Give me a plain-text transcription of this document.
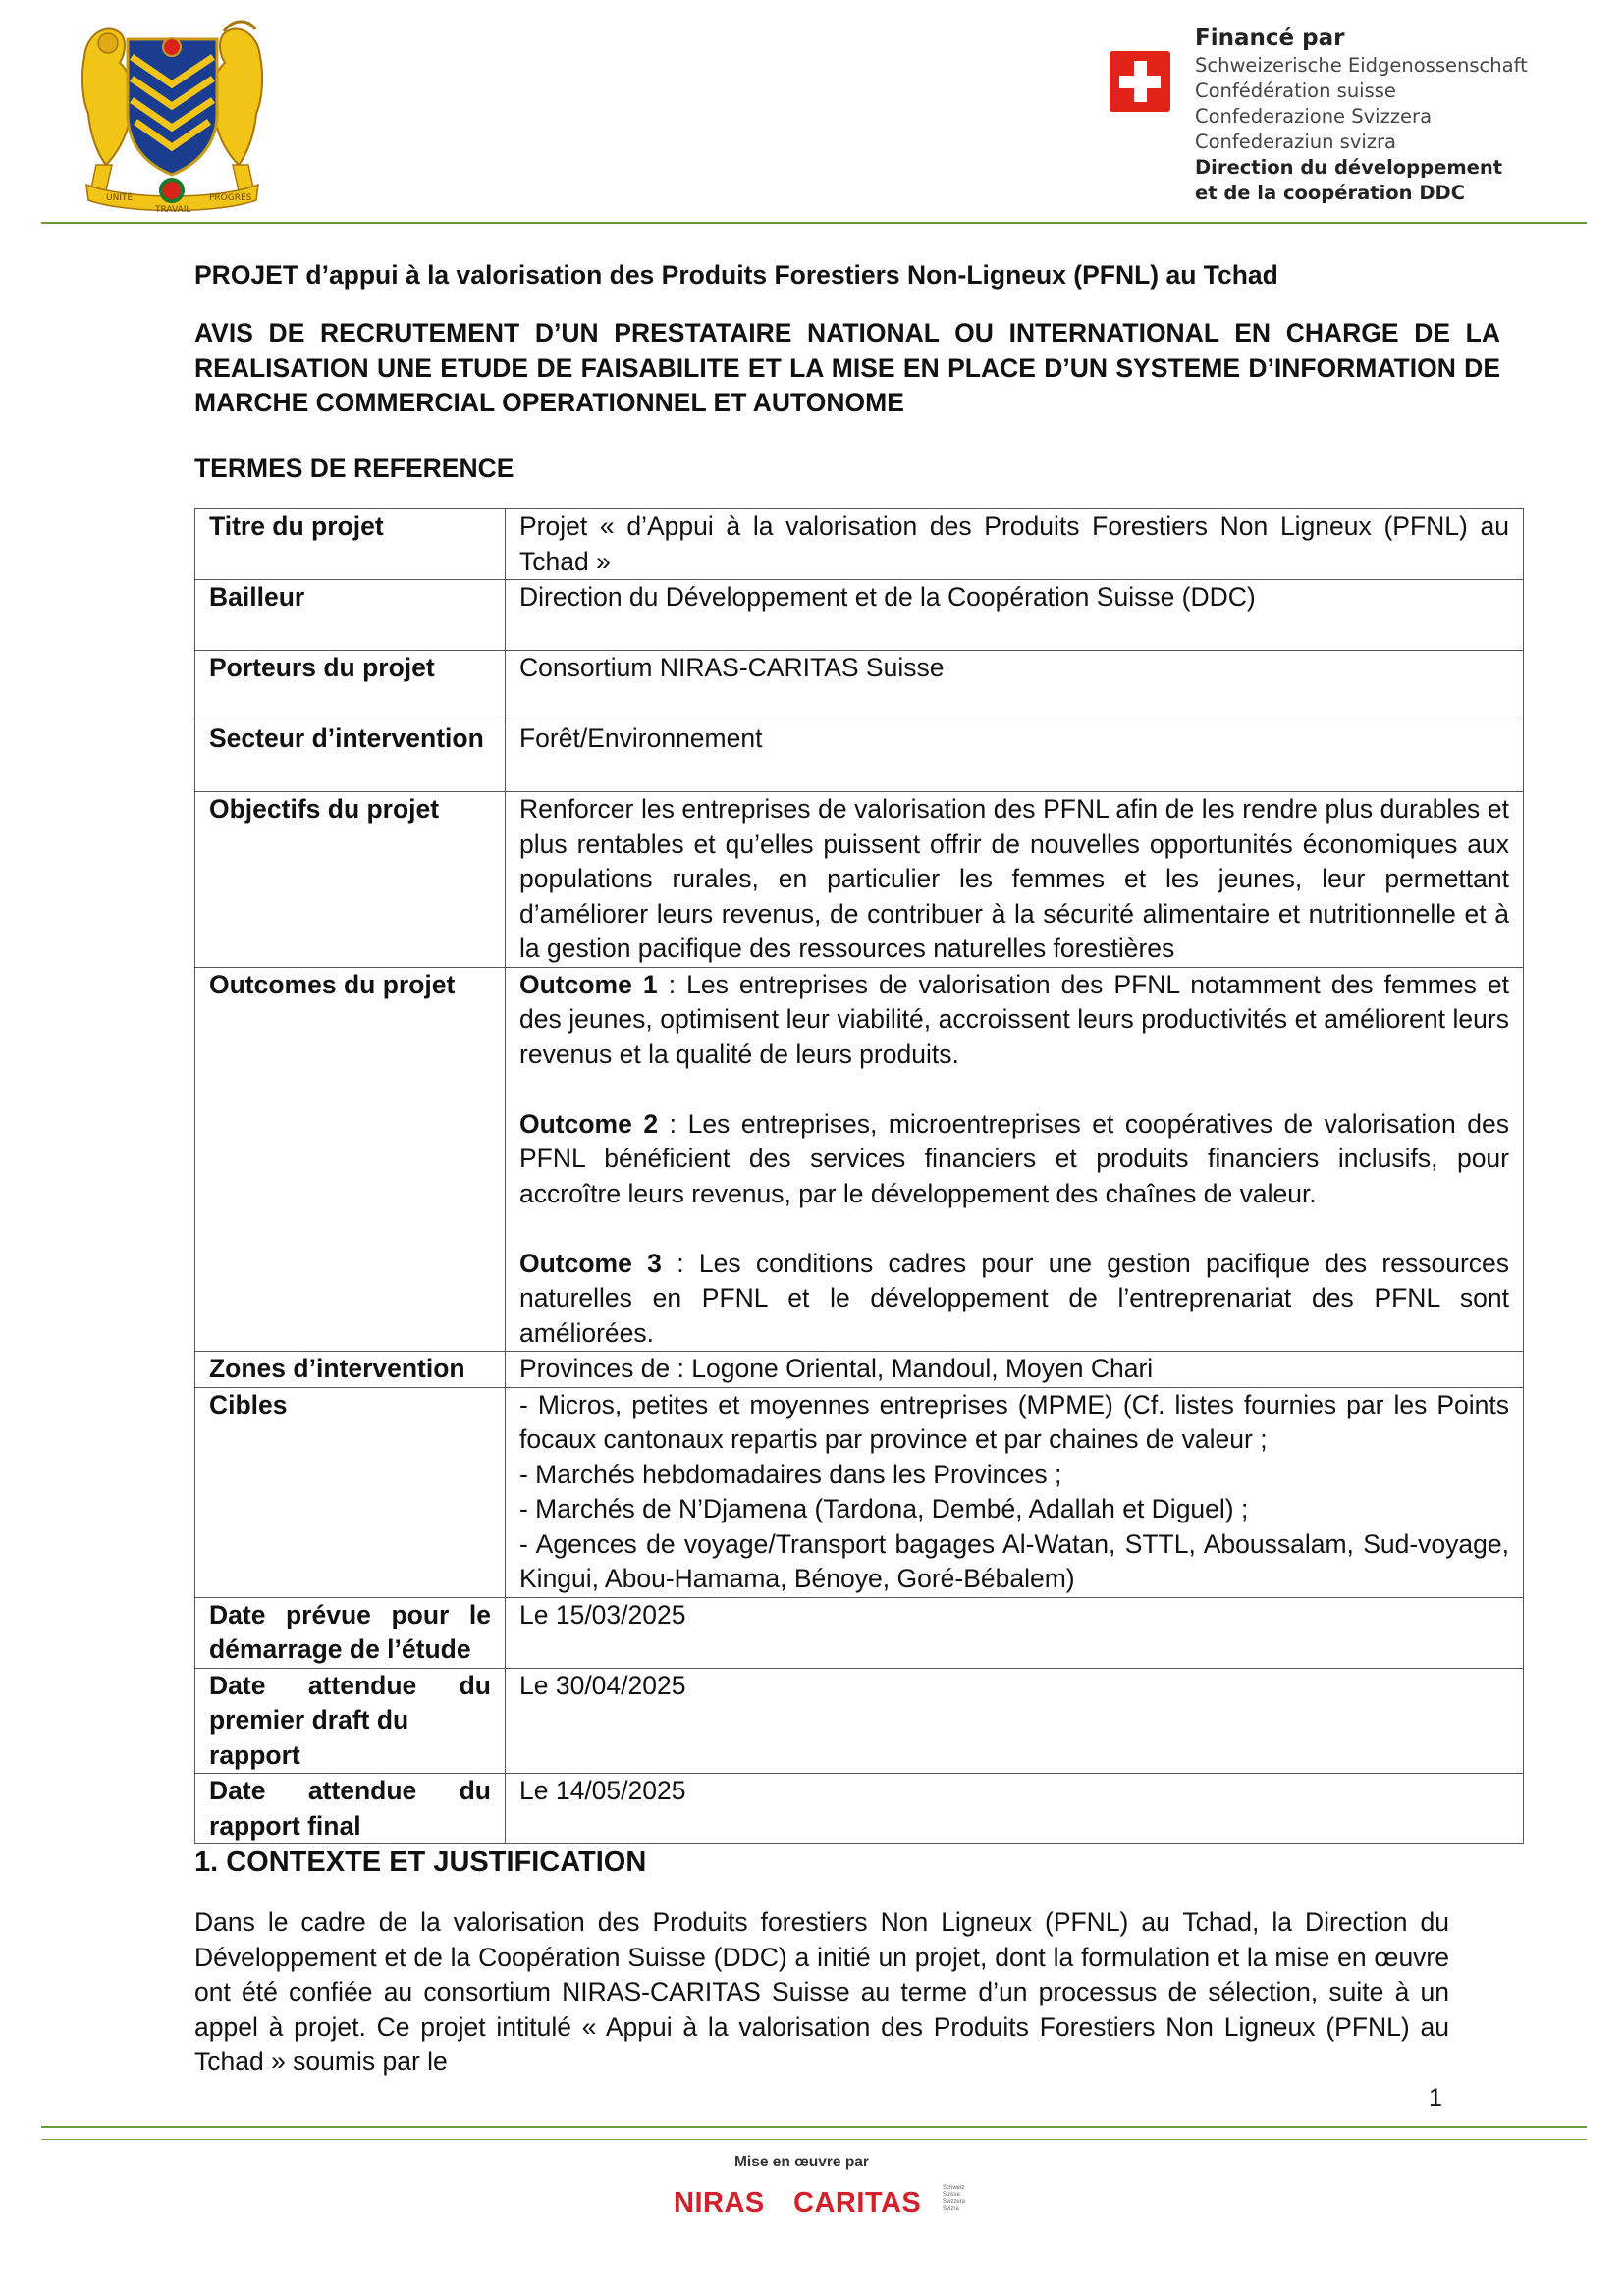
UNITÉ
TRAVAIL
PROGRÈS
Financé par
Schweizerische Eidgenossenschaft
Confédération suisse
Confederazione Svizzera
Confederaziun svizra
Direction du développement
et de la coopération DDC
PROJET d’appui à la valorisation des Produits Forestiers Non-Ligneux (PFNL) au Tchad
AVIS DE RECRUTEMENT D’UN PRESTATAIRE NATIONAL OU INTERNATIONAL EN CHARGE DE LA
REALISATION UNE ETUDE DE FAISABILITE ET LA MISE EN PLACE D’UN SYSTEME D’INFORMATION DE
MARCHE COMMERCIAL OPERATIONNEL ET AUTONOME
TERMES DE REFERENCE
Titre du projet	Projet « d’Appui à la valorisation des Produits Forestiers Non Ligneux (PFNL) au Tchad »
Bailleur	Direction du Développement et de la Coopération Suisse (DDC)
Porteurs du projet	Consortium NIRAS-CARITAS Suisse
Secteur d’intervention	Forêt/Environnement
Objectifs du projet	Renforcer les entreprises de valorisation des PFNL afin de les rendre plus durables et plus rentables et qu’elles puissent offrir de nouvelles opportunités économiques aux populations rurales, en particulier les femmes et les jeunes, leur permettant d’améliorer leurs revenus, de contribuer à la sécurité alimentaire et nutritionnelle et à la gestion pacifique des ressources naturelles forestières
Outcomes du projet	Outcome 1 : Les entreprises de valorisation des PFNL notamment des femmes et des jeunes, optimisent leur viabilité, accroissent leurs productivités et améliorent leurs revenus et la qualité de leurs produits.
Outcome 2 : Les entreprises, microentreprises et coopératives de valorisation des PFNL bénéficient des services financiers et produits financiers inclusifs, pour accroître leurs revenus, par le développement des chaînes de valeur.
Outcome 3 : Les conditions cadres pour une gestion pacifique des ressources naturelles en PFNL et le développement de l’entreprenariat des PFNL sont améliorées.
Zones d’intervention	Provinces de : Logone Oriental, Mandoul, Moyen Chari
Cibles	- Micros, petites et moyennes entreprises (MPME) (Cf. listes fournies par les Points focaux cantonaux repartis par province et par chaines de valeur ;
- Marchés hebdomadaires dans les Provinces ;
- Marchés de N’Djamena (Tardona, Dembé, Adallah et Diguel) ;
- Agences de voyage/Transport bagages Al-Watan, STTL, Aboussalam, Sud-voyage, Kingui, Abou-Hamama, Bénoye, Goré-Bébalem)

Date prévue pour le
démarrage de l’étude	Le 15/03/2025

Date attendue du
premier draft du rapport	Le 30/04/2025

Date attendue du
rapport final	Le 14/05/2025
1. CONTEXTE ET JUSTIFICATION
Dans le cadre de la valorisation des Produits forestiers Non Ligneux (PFNL) au Tchad, la Direction du Développement et de la Coopération Suisse (DDC) a initié un projet, dont la formulation et la mise en œuvre ont été confiée au consortium NIRAS-CARITAS Suisse au terme d’un processus de sélection, suite à un appel à projet. Ce projet intitulé « Appui à la valorisation des Produits Forestiers Non Ligneux (PFNL) au Tchad » soumis par le
1
Mise en œuvre par
NIRAS CARITAS	Schweiz
Suisse
Svizzera
Svizra
